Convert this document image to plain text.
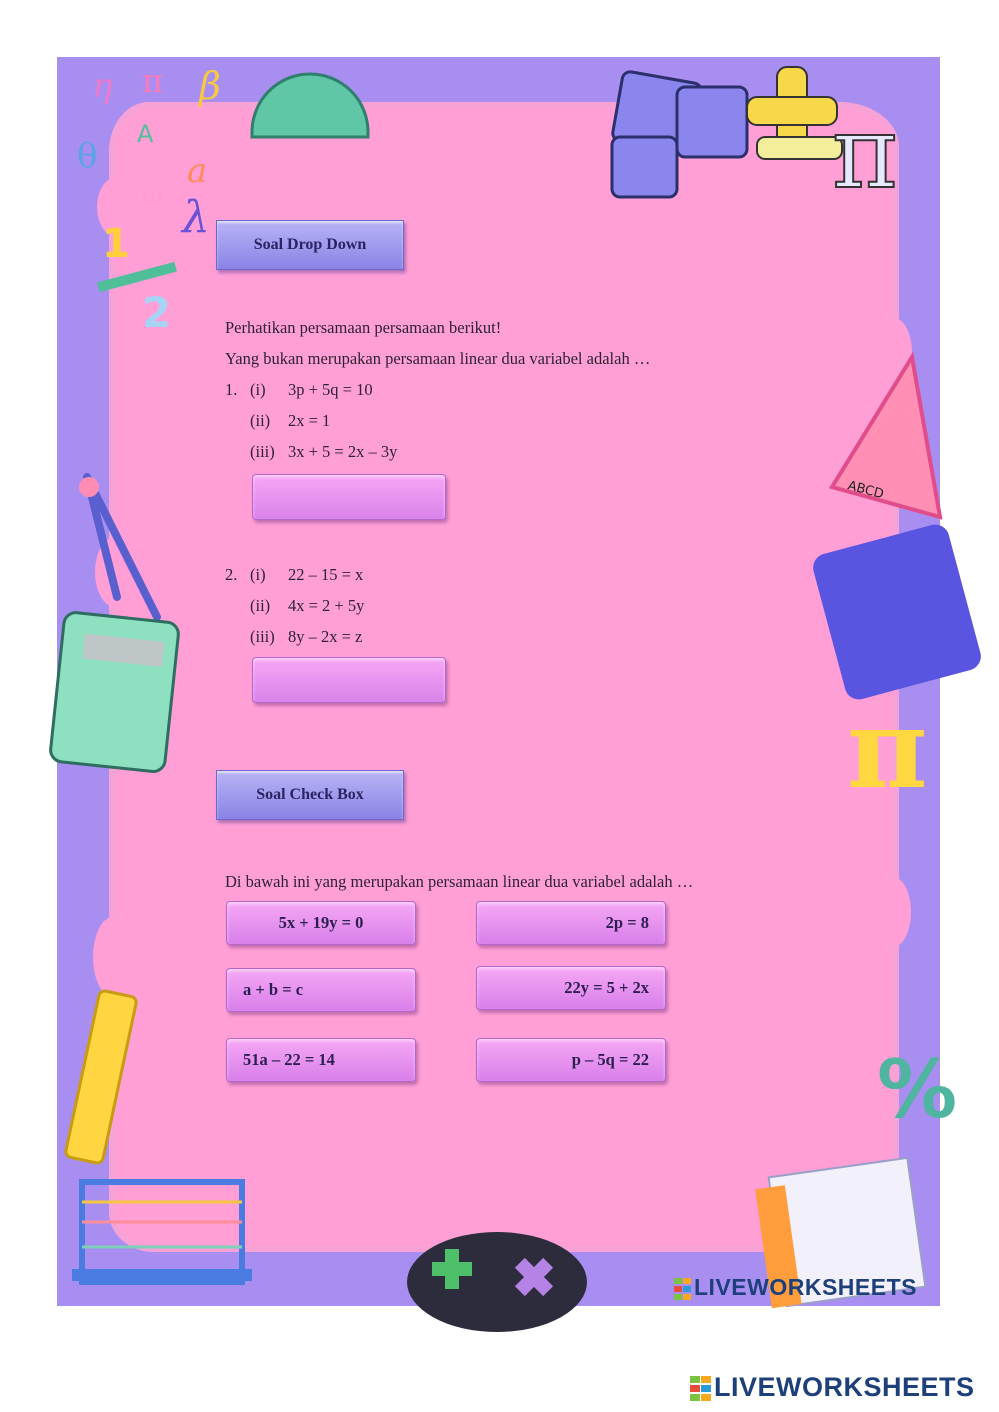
η π β
θ
A
a
ω λ
1
2
π
ABCD
π
%
Soal Drop Down
Perhatikan persamaan persamaan berikut!
Yang bukan merupakan persamaan linear dua variabel adalah …
1. (i) 3p + 5q = 10
(ii) 2x = 1
(iii) 3x + 5 = 2x – 3y
2. (i) 22 – 15 = x
(ii) 4x = 2 + 5y
(iii) 8y – 2x = z
Soal Check Box
Di bawah ini yang merupakan persamaan linear dua variabel adalah …
5x + 19y = 0	2p = 8
a + b = c	22y = 5 + 2x
51a – 22 = 14	p – 5q = 22
LIVEWORKSHEETS
LIVEWORKSHEETS
